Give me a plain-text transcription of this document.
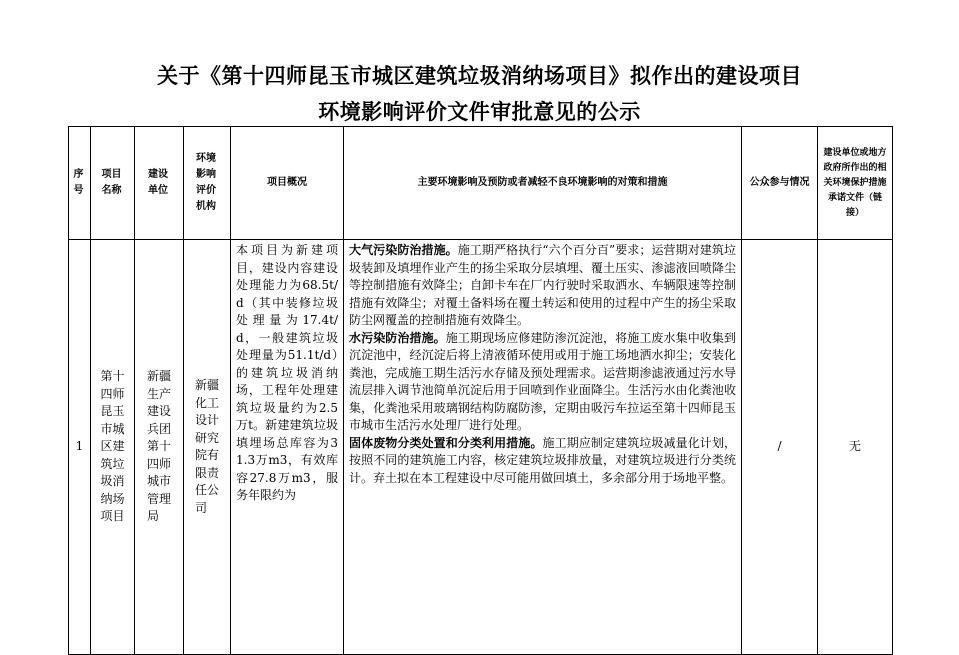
关于《第十四师昆玉市城区建筑垃圾消纳场项目》拟作出的建设项目
环境影响评价文件审批意见的公示
序号	项目名称	建设单位	环境影响评价机构	项目概况	主要环境影响及预防或者减轻不良环境影响的对策和措施	公众参与情况	建设单位或地方政府所作出的相关环境保护措施承诺文件（链接）

1	第十四师昆玉市城区建筑垃圾消纳场项目	新疆生产建设兵团第十四师城市管理局	新疆化工设计研究院有限责任公司	本项目为新建项目，建设内容建设处理能力为68.5t/d（其中装修垃圾处理量为17.4t/d，一般建筑垃圾处理量为51.1t/d）的建筑垃圾消纳场，工程年处理建筑垃圾量约为2.5万t。新建建筑垃圾填埋场总库容为31.3万m3，有效库容27.8万m3，服务年限约为	大气污染防治措施。施工期严格执行“六个百分百”要求；运营期对建筑垃圾装卸及填埋作业产生的扬尘采取分层填埋、覆土压实、渗滤液回喷降尘等控制措施有效降尘；自卸卡车在厂内行驶时采取洒水、车辆限速等控制措施有效降尘；对覆土备料场在覆土转运和使用的过程中产生的扬尘采取防尘网覆盖的控制措施有效降尘。

水污染防治措施。施工期现场应修建防渗沉淀池，将施工废水集中收集到沉淀池中，经沉淀后将上清液循环使用或用于施工场地洒水抑尘；安装化粪池，完成施工期生活污水存储及预处理需求。运营期渗滤液通过污水导流层排入调节池简单沉淀后用于回喷到作业面降尘。生活污水由化粪池收集，化粪池采用玻璃钢结构防腐防渗，定期由吸污车拉运至第十四师昆玉市城市生活污水处理厂进行处理。

固体废物分类处置和分类利用措施。施工期应制定建筑垃圾减量化计划，按照不同的建筑施工内容，核定建筑垃圾排放量，对建筑垃圾进行分类统计。弃土拟在本工程建设中尽可能用做回填土，多余部分用于场地平整。	/	无
